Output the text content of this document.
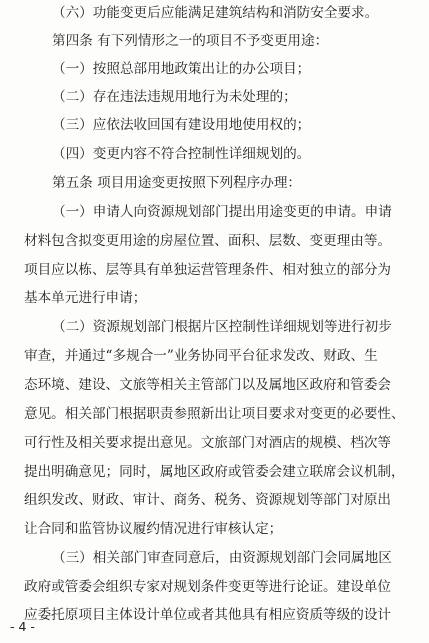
（六）功能变更后应能满足建筑结构和消防安全要求。
第四条 有下列情形之一的项目不予变更用途：
（一）按照总部用地政策出让的办公项目；
（二）存在违法违规用地行为未处理的；
（三）应依法收回国有建设用地使用权的；
（四）变更内容不符合控制性详细规划的。
第五条 项目用途变更按照下列程序办理：
（一）申请人向资源规划部门提出用途变更的申请。申请
材料包含拟变更用途的房屋位置、面积、层数、变更理由等。
项目应以栋、层等具有单独运营管理条件、相对独立的部分为
基本单元进行申请；
（二）资源规划部门根据片区控制性详细规划等进行初步
审查，并通过“多规合一”业务协同平台征求发改、财政、生
态环境、建设、文旅等相关主管部门以及属地区政府和管委会
意见。相关部门根据职责参照新出让项目要求对变更的必要性、
可行性及相关要求提出意见。文旅部门对酒店的规模、档次等
提出明确意见；同时，属地区政府或管委会建立联席会议机制，
组织发改、财政、审计、商务、税务、资源规划等部门对原出
让合同和监管协议履约情况进行审核认定；
（三）相关部门审查同意后，由资源规划部门会同属地区
政府或管委会组织专家对规划条件变更等进行论证。建设单位
应委托原项目主体设计单位或者其他具有相应资质等级的设计
- 4 -
